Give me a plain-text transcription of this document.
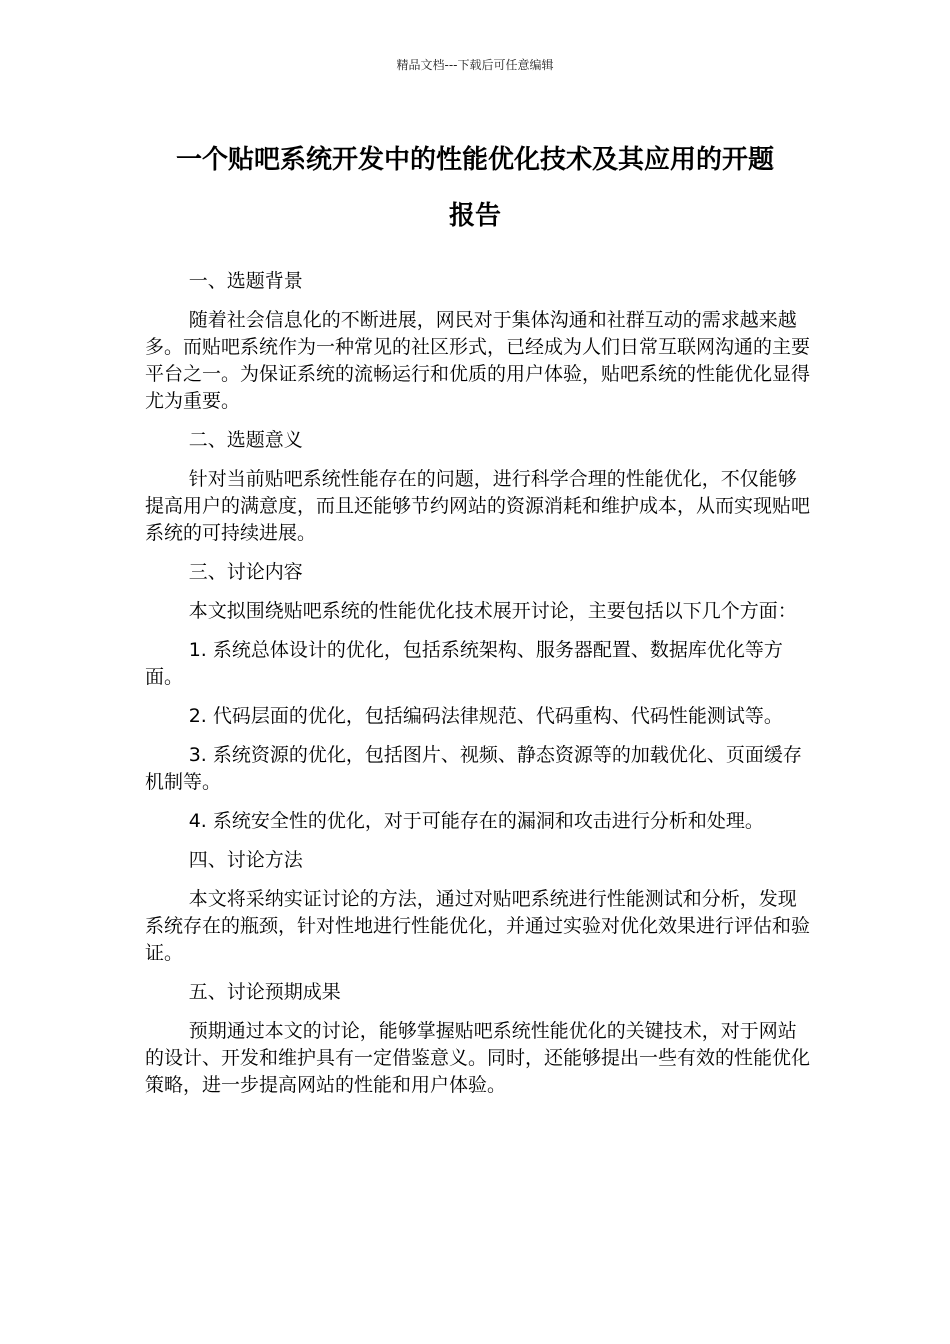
精品文档---下载后可任意编辑
一个贴吧系统开发中的性能优化技术及其应用的开题
报告

一、选题背景

随着社会信息化的不断进展，网民对于集体沟通和社群互动的需求越来越多。而贴吧系统作为一种常见的社区形式，已经成为人们日常互联网沟通的主要平台之一。为保证系统的流畅运行和优质的用户体验，贴吧系统的性能优化显得尤为重要。

二、选题意义

针对当前贴吧系统性能存在的问题，进行科学合理的性能优化，不仅能够提高用户的满意度，而且还能够节约网站的资源消耗和维护成本，从而实现贴吧系统的可持续进展。

三、讨论内容

本文拟围绕贴吧系统的性能优化技术展开讨论，主要包括以下几个方面：

1. 系统总体设计的优化，包括系统架构、服务器配置、数据库优化等方面。

2. 代码层面的优化，包括编码法律规范、代码重构、代码性能测试等。

3. 系统资源的优化，包括图片、视频、静态资源等的加载优化、页面缓存机制等。

4. 系统安全性的优化，对于可能存在的漏洞和攻击进行分析和处理。

四、讨论方法

本文将采纳实证讨论的方法，通过对贴吧系统进行性能测试和分析，发现系统存在的瓶颈，针对性地进行性能优化，并通过实验对优化效果进行评估和验证。

五、讨论预期成果

预期通过本文的讨论，能够掌握贴吧系统性能优化的关键技术，对于网站的设计、开发和维护具有一定借鉴意义。同时，还能够提出一些有效的性能优化策略，进一步提高网站的性能和用户体验。
